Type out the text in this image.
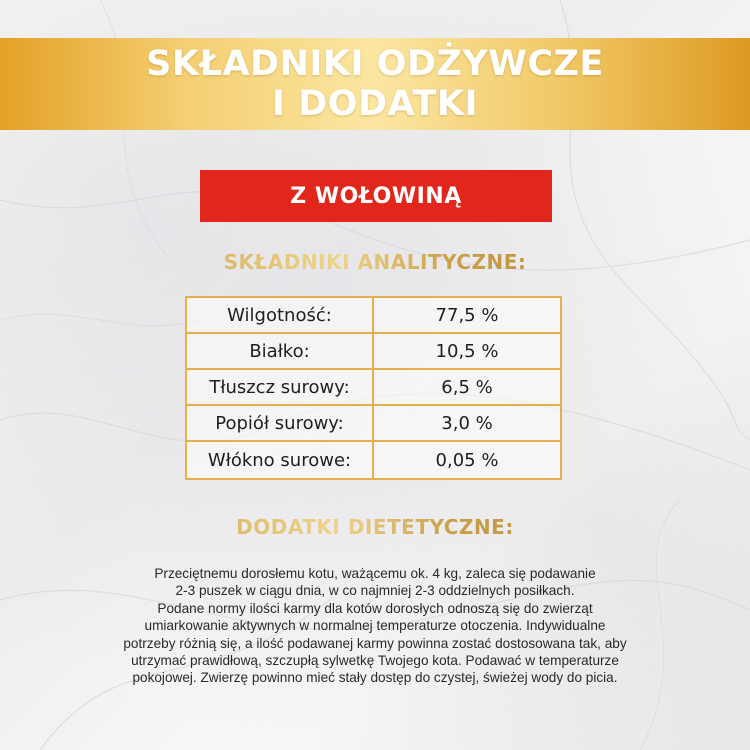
SKŁADNIKI ODŻYWCZE
I DODATKI
Z WOŁOWINĄ
SKŁADNIKI ANALITYCZNE:
Wilgotność:	77,5 %
Białko:	10,5 %
Tłuszcz surowy:	6,5 %
Popiół surowy:	3,0 %
Włókno surowe:	0,05 %
DODATKI DIETETYCZNE:
Przeciętnemu dorosłemu kotu, ważącemu ok. 4 kg, zaleca się podawanie
2-3 puszek w ciągu dnia, w co najmniej 2-3 oddzielnych posiłkach.
Podane normy ilości karmy dla kotów dorosłych odnoszą się do zwierząt
umiarkowanie aktywnych w normalnej temperaturze otoczenia. Indywidualne
potrzeby różnią się, a ilość podawanej karmy powinna zostać dostosowana tak, aby
utrzymać prawidłową, szczupłą sylwetkę Twojego kota. Podawać w temperaturze
pokojowej. Zwierzę powinno mieć stały dostęp do czystej, świeżej wody do picia.
